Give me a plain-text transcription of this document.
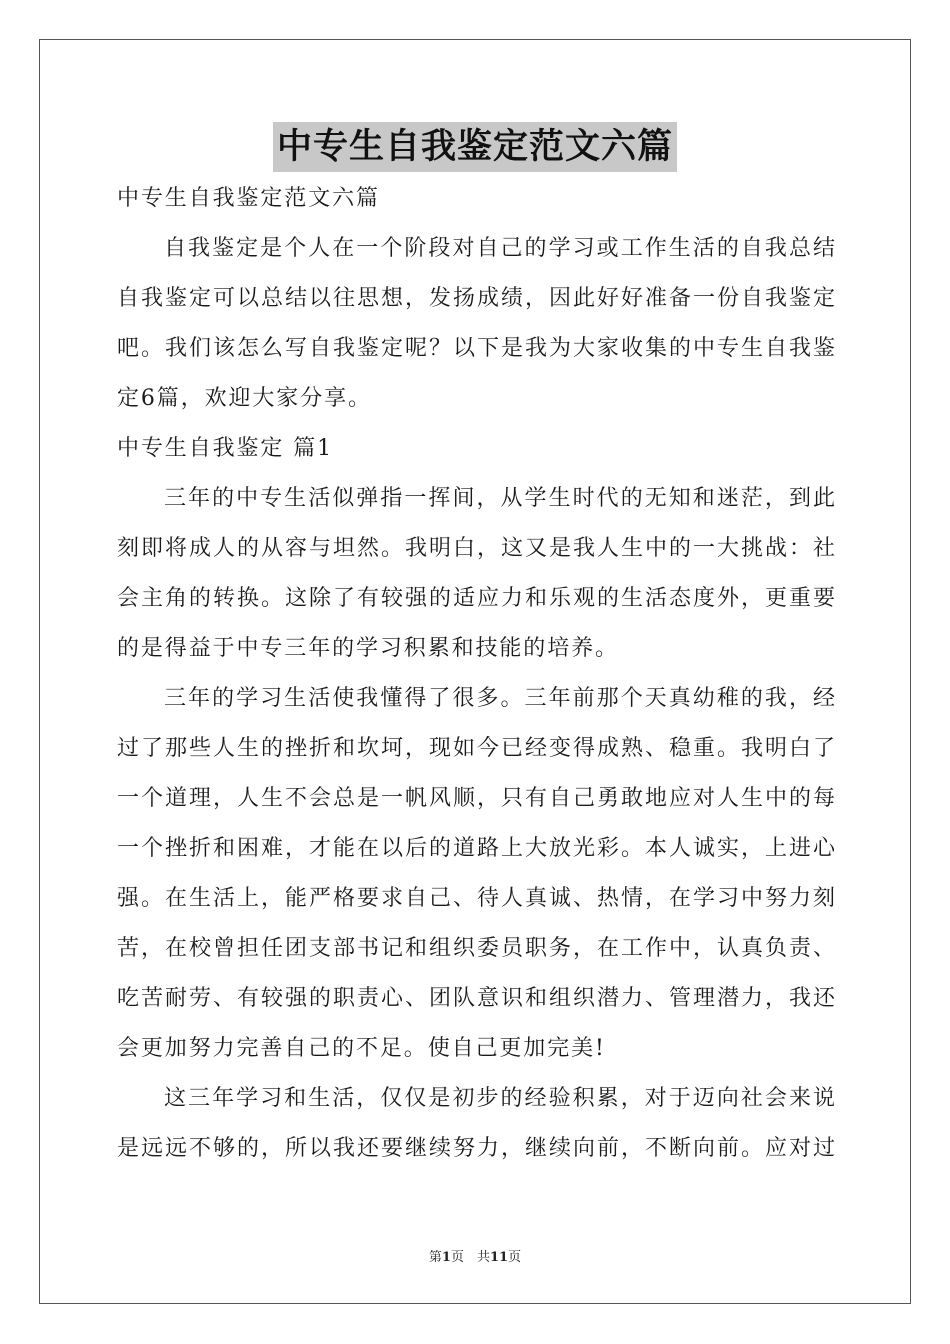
中专生自我鉴定范文六篇
中专生自我鉴定范文六篇
自我鉴定是个人在一个阶段对自己的学习或工作生活的自我总结
自我鉴定可以总结以往思想，发扬成绩，因此好好准备一份自我鉴定
吧。我们该怎么写自我鉴定呢？以下是我为大家收集的中专生自我鉴
定6篇，欢迎大家分享。
中专生自我鉴定 篇1
三年的中专生活似弹指一挥间，从学生时代的无知和迷茫，到此
刻即将成人的从容与坦然。我明白，这又是我人生中的一大挑战：社
会主角的转换。这除了有较强的适应力和乐观的生活态度外，更重要
的是得益于中专三年的学习积累和技能的培养。
三年的学习生活使我懂得了很多。三年前那个天真幼稚的我，经
过了那些人生的挫折和坎坷，现如今已经变得成熟、稳重。我明白了
一个道理，人生不会总是一帆风顺，只有自己勇敢地应对人生中的每
一个挫折和困难，才能在以后的道路上大放光彩。本人诚实，上进心
强。在生活上，能严格要求自己、待人真诚、热情，在学习中努力刻
苦，在校曾担任团支部书记和组织委员职务，在工作中，认真负责、
吃苦耐劳、有较强的职责心、团队意识和组织潜力、管理潜力，我还
会更加努力完善自己的不足。使自己更加完美!
这三年学习和生活，仅仅是初步的经验积累，对于迈向社会来说
是远远不够的，所以我还要继续努力，继续向前，不断向前。应对过
第1页　共11页
